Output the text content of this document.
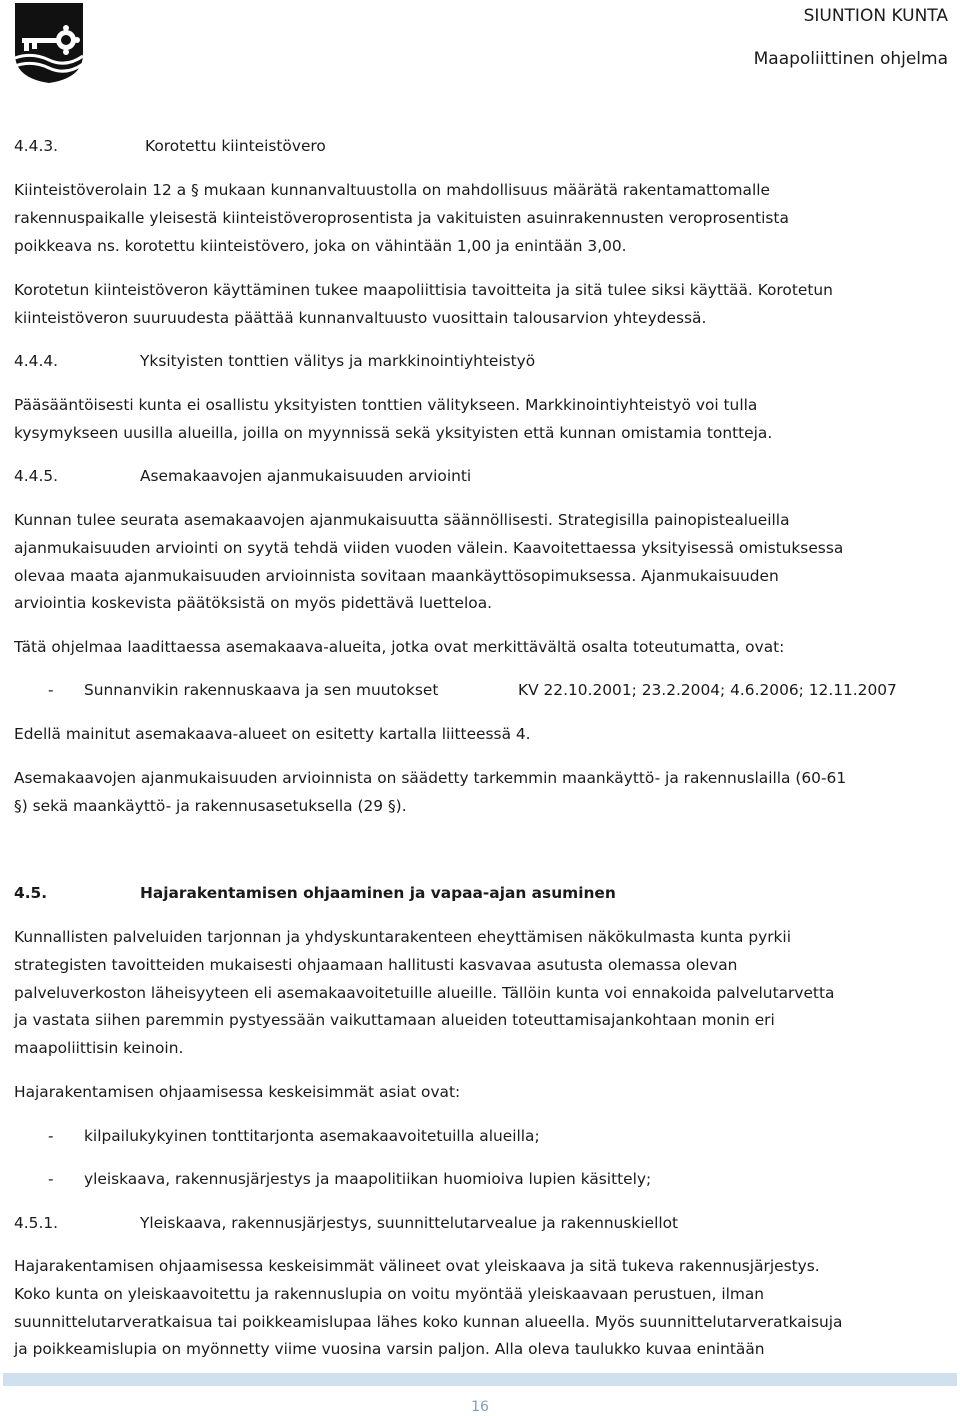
SIUNTION KUNTA
Maapoliittinen ohjelma
4.4.3.	Korotettu kiinteistövero
Kiinteistöverolain 12 a § mukaan kunnanvaltuustolla on mahdollisuus määrätä rakentamattomalle
rakennuspaikalle yleisestä kiinteistöveroprosentista ja vakituisten asuinrakennusten veroprosentista
poikkeava ns. korotettu kiinteistövero, joka on vähintään 1,00 ja enintään 3,00.
Korotetun kiinteistöveron käyttäminen tukee maapoliittisia tavoitteita ja sitä tulee siksi käyttää. Korotetun
kiinteistöveron suuruudesta päättää kunnanvaltuusto vuosittain talousarvion yhteydessä.
4.4.4.	Yksityisten tonttien välitys ja markkinointiyhteistyö
Pääsääntöisesti kunta ei osallistu yksityisten tonttien välitykseen. Markkinointiyhteistyö voi tulla
kysymykseen uusilla alueilla, joilla on myynnissä sekä yksityisten että kunnan omistamia tontteja.
4.4.5.	Asemakaavojen ajanmukaisuuden arviointi
Kunnan tulee seurata asemakaavojen ajanmukaisuutta säännöllisesti. Strategisilla painopistealueilla
ajanmukaisuuden arviointi on syytä tehdä viiden vuoden välein. Kaavoitettaessa yksityisessä omistuksessa
olevaa maata ajanmukaisuuden arvioinnista sovitaan maankäyttösopimuksessa. Ajanmukaisuuden
arviointia koskevista päätöksistä on myös pidettävä luetteloa.
Tätä ohjelmaa laadittaessa asemakaava-alueita, jotka ovat merkittävältä osalta toteutumatta, ovat:
- Sunnanvikin rakennuskaava ja sen muutokset	KV 22.10.2001; 23.2.2004; 4.6.2006; 12.11.2007
Edellä mainitut asemakaava-alueet on esitetty kartalla liitteessä 4.
Asemakaavojen ajanmukaisuuden arvioinnista on säädetty tarkemmin maankäyttö- ja rakennuslailla (60-61
§) sekä maankäyttö- ja rakennusasetuksella (29 §).
4.5.	Hajarakentamisen ohjaaminen ja vapaa-ajan asuminen
Kunnallisten palveluiden tarjonnan ja yhdyskuntarakenteen eheyttämisen näkökulmasta kunta pyrkii
strategisten tavoitteiden mukaisesti ohjaamaan hallitusti kasvavaa asutusta olemassa olevan
palveluverkoston läheisyyteen eli asemakaavoitetuille alueille. Tällöin kunta voi ennakoida palvelutarvetta
ja vastata siihen paremmin pystyessään vaikuttamaan alueiden toteuttamisajankohtaan monin eri
maapoliittisin keinoin.
Hajarakentamisen ohjaamisessa keskeisimmät asiat ovat:
- kilpailukykyinen tonttitarjonta asemakaavoitetuilla alueilla;
- yleiskaava, rakennusjärjestys ja maapolitiikan huomioiva lupien käsittely;
4.5.1.	Yleiskaava, rakennusjärjestys, suunnittelutarvealue ja rakennuskiellot
Hajarakentamisen ohjaamisessa keskeisimmät välineet ovat yleiskaava ja sitä tukeva rakennusjärjestys.
Koko kunta on yleiskaavoitettu ja rakennuslupia on voitu myöntää yleiskaavaan perustuen, ilman
suunnittelutarveratkaisua tai poikkeamislupaa lähes koko kunnan alueella. Myös suunnittelutarveratkaisuja
ja poikkeamislupia on myönnetty viime vuosina varsin paljon. Alla oleva taulukko kuvaa enintään
16
